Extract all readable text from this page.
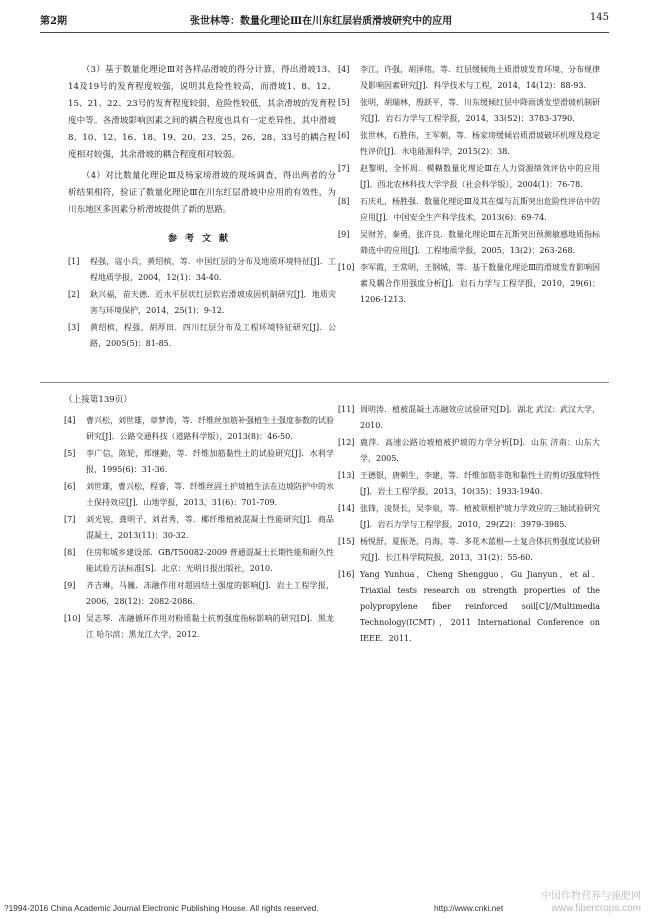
第2期	张世林等：数量化理论Ⅲ在川东红层岩质滑坡研究中的应用	145

（3）基于数量化理论Ⅲ对各样品滑坡的得分计算，得出滑坡13、14及19号的发育程度较强，说明其危险性较高，而滑坡1、8、12、15、21、22、23号的发育程度较弱，危险性较低，其余滑坡的发育程度中等。各滑坡影响因素之间的耦合程度也具有一定差异性，其中滑坡8、10、12、16、18、19、20、23、25、26、28、33号的耦合程度相对较强，其余滑坡的耦合程度相对较弱。

（4）对比数量化理论Ⅲ及杨家塝滑坡的现场调查，得出两者的分析结果相符，验证了数量化理论Ⅲ在川东红层滑坡中应用的有效性，为川东地区多因素分析滑坡提供了新的思路。

参考文献
[1]	程强，寇小兵，黄绍槟，等．中国红层的分布及地质环境特征[J]．工程地质学报，2004，12(1)：34-40.
[2]	耿兴福，苗天德．近水平层状红层软岩滑坡成因机制研究[J]．地质灾害与环境保护，2014，25(1)：9-12.
[3]	黄绍槟，程强，胡厚田．四川红层分布及工程环境特征研究[J]．公路，2005(5)：81-85.
[4]	李江，许强，胡泽铭，等．红层缓倾角土质滑坡发育环境、分布规律及影响因素研究[J]．科学技术与工程，2014，14(12)：88-93.
[5]	张明，胡瑞林，殷跃平，等．川东缓倾红层中降雨诱发型滑坡机制研究[J]．岩石力学与工程学报，2014，33(S2)：3783-3790.
[6]	张世林，石胜伟，王军朝，等．杨家塝缓倾岩质滑坡破坏机理及稳定性评价[J]．水电能源科学，2015(2)：38.
[7]	赵黎明，全怀周．模糊数量化理论Ⅲ在人力资源绩效评估中的应用[J]．西北农林科技大学学报（社会科学版），2004(1)：76-78.
[8]	石庆礼，杨胜强．数量化理论Ⅲ及其在煤与瓦斯突出危险性评估中的应用[J]．中国安全生产科学技术，2013(6)：69-74.
[9]	吴财芳，秦勇，张许良．数量化理论Ⅲ在瓦斯突出预测敏感地质指标筛选中的应用[J]．工程地质学报，2005，13(2)：263-268.
[10] 李军霞，王常明，王钢城，等．基于数量化理论Ⅲ的滑坡发育影响因素及耦合作用强度分析[J]．岩石力学与工程学报，2010，29(6)：1206-1213.
（上接第139页）
[4]	曹兴松，刘世雄，章梦涛，等．纤维丝加筋补强植生土强度参数的试验研究[J]．公路交通科技（道路科学版），2013(8)：46-50.
[5]	李广信，陈轮，郑继勤，等．纤维加筋黏性土的试验研究[J]．水利学报，1995(6)：31-36.
[6]	刘世雄，曹兴松，程睿，等．纤维丝固土护坡植生法在边坡防护中的水土保持效应[J]．山地学报，2013，31(6)：701-709.
[7]	刘光锐，龚明子，刘君秀，等．椰纤维植被混凝土性能研究[J]．商品混凝土，2013(11)：30-32.
[8]	住房和城乡建设部．GB/T50082-2009 普通混凝土长期性能和耐久性能试验方法标准[S]．北京：光明日报出版社，2010.
[9]	齐吉琳，马巍．冻融作用对超固结土强度的影响[J]．岩土工程学报，2006，28(12)：2082-2086.
[10] 吴志琴．冻融循环作用对粉质黏土抗剪强度指标影响的研究[D]．黑龙江 哈尔滨：黑龙江大学，2012.
[11] 周明涛．植被混凝土冻融效应试验研究[D]．湖北 武汉：武汉大学，2010.
[12] 鹿萍．高速公路边坡植被护坡的力学分析[D]．山东 济南：山东大学，2005.
[13] 王德银，唐朝生，李建，等．纤维加筋非饱和黏性土的剪切强度特性[J]．岩土工程学报，2013，10(35)：1933-1940.
[14] 张锋，凌贤长，吴李泉，等．植被须根护坡力学效应的三轴试验研究[J]．岩石力学与工程学报，2010，29(Z2)：3979-3985.
[15] 杨悦舒，夏振尧，肖海，等．多花木蓝根—土复合体抗剪强度试验研究[J]．长江科学院院报，2013，31(2)：55-60.
[16] Yang Yunhua，Cheng Shengguo，Gu Jianyun，et al．Triaxial tests research on strength properties of the polypropylene fiber reinforced soil[C]//Multimedia Technology(ICMT)，2011 International Conference on IEEE．2011.
?1994-2016 China Academic Journal Electronic Publishing House. All rights reserved.	http://www.cnki.net
中国作物营养与施肥网
www.fibercrops.com
